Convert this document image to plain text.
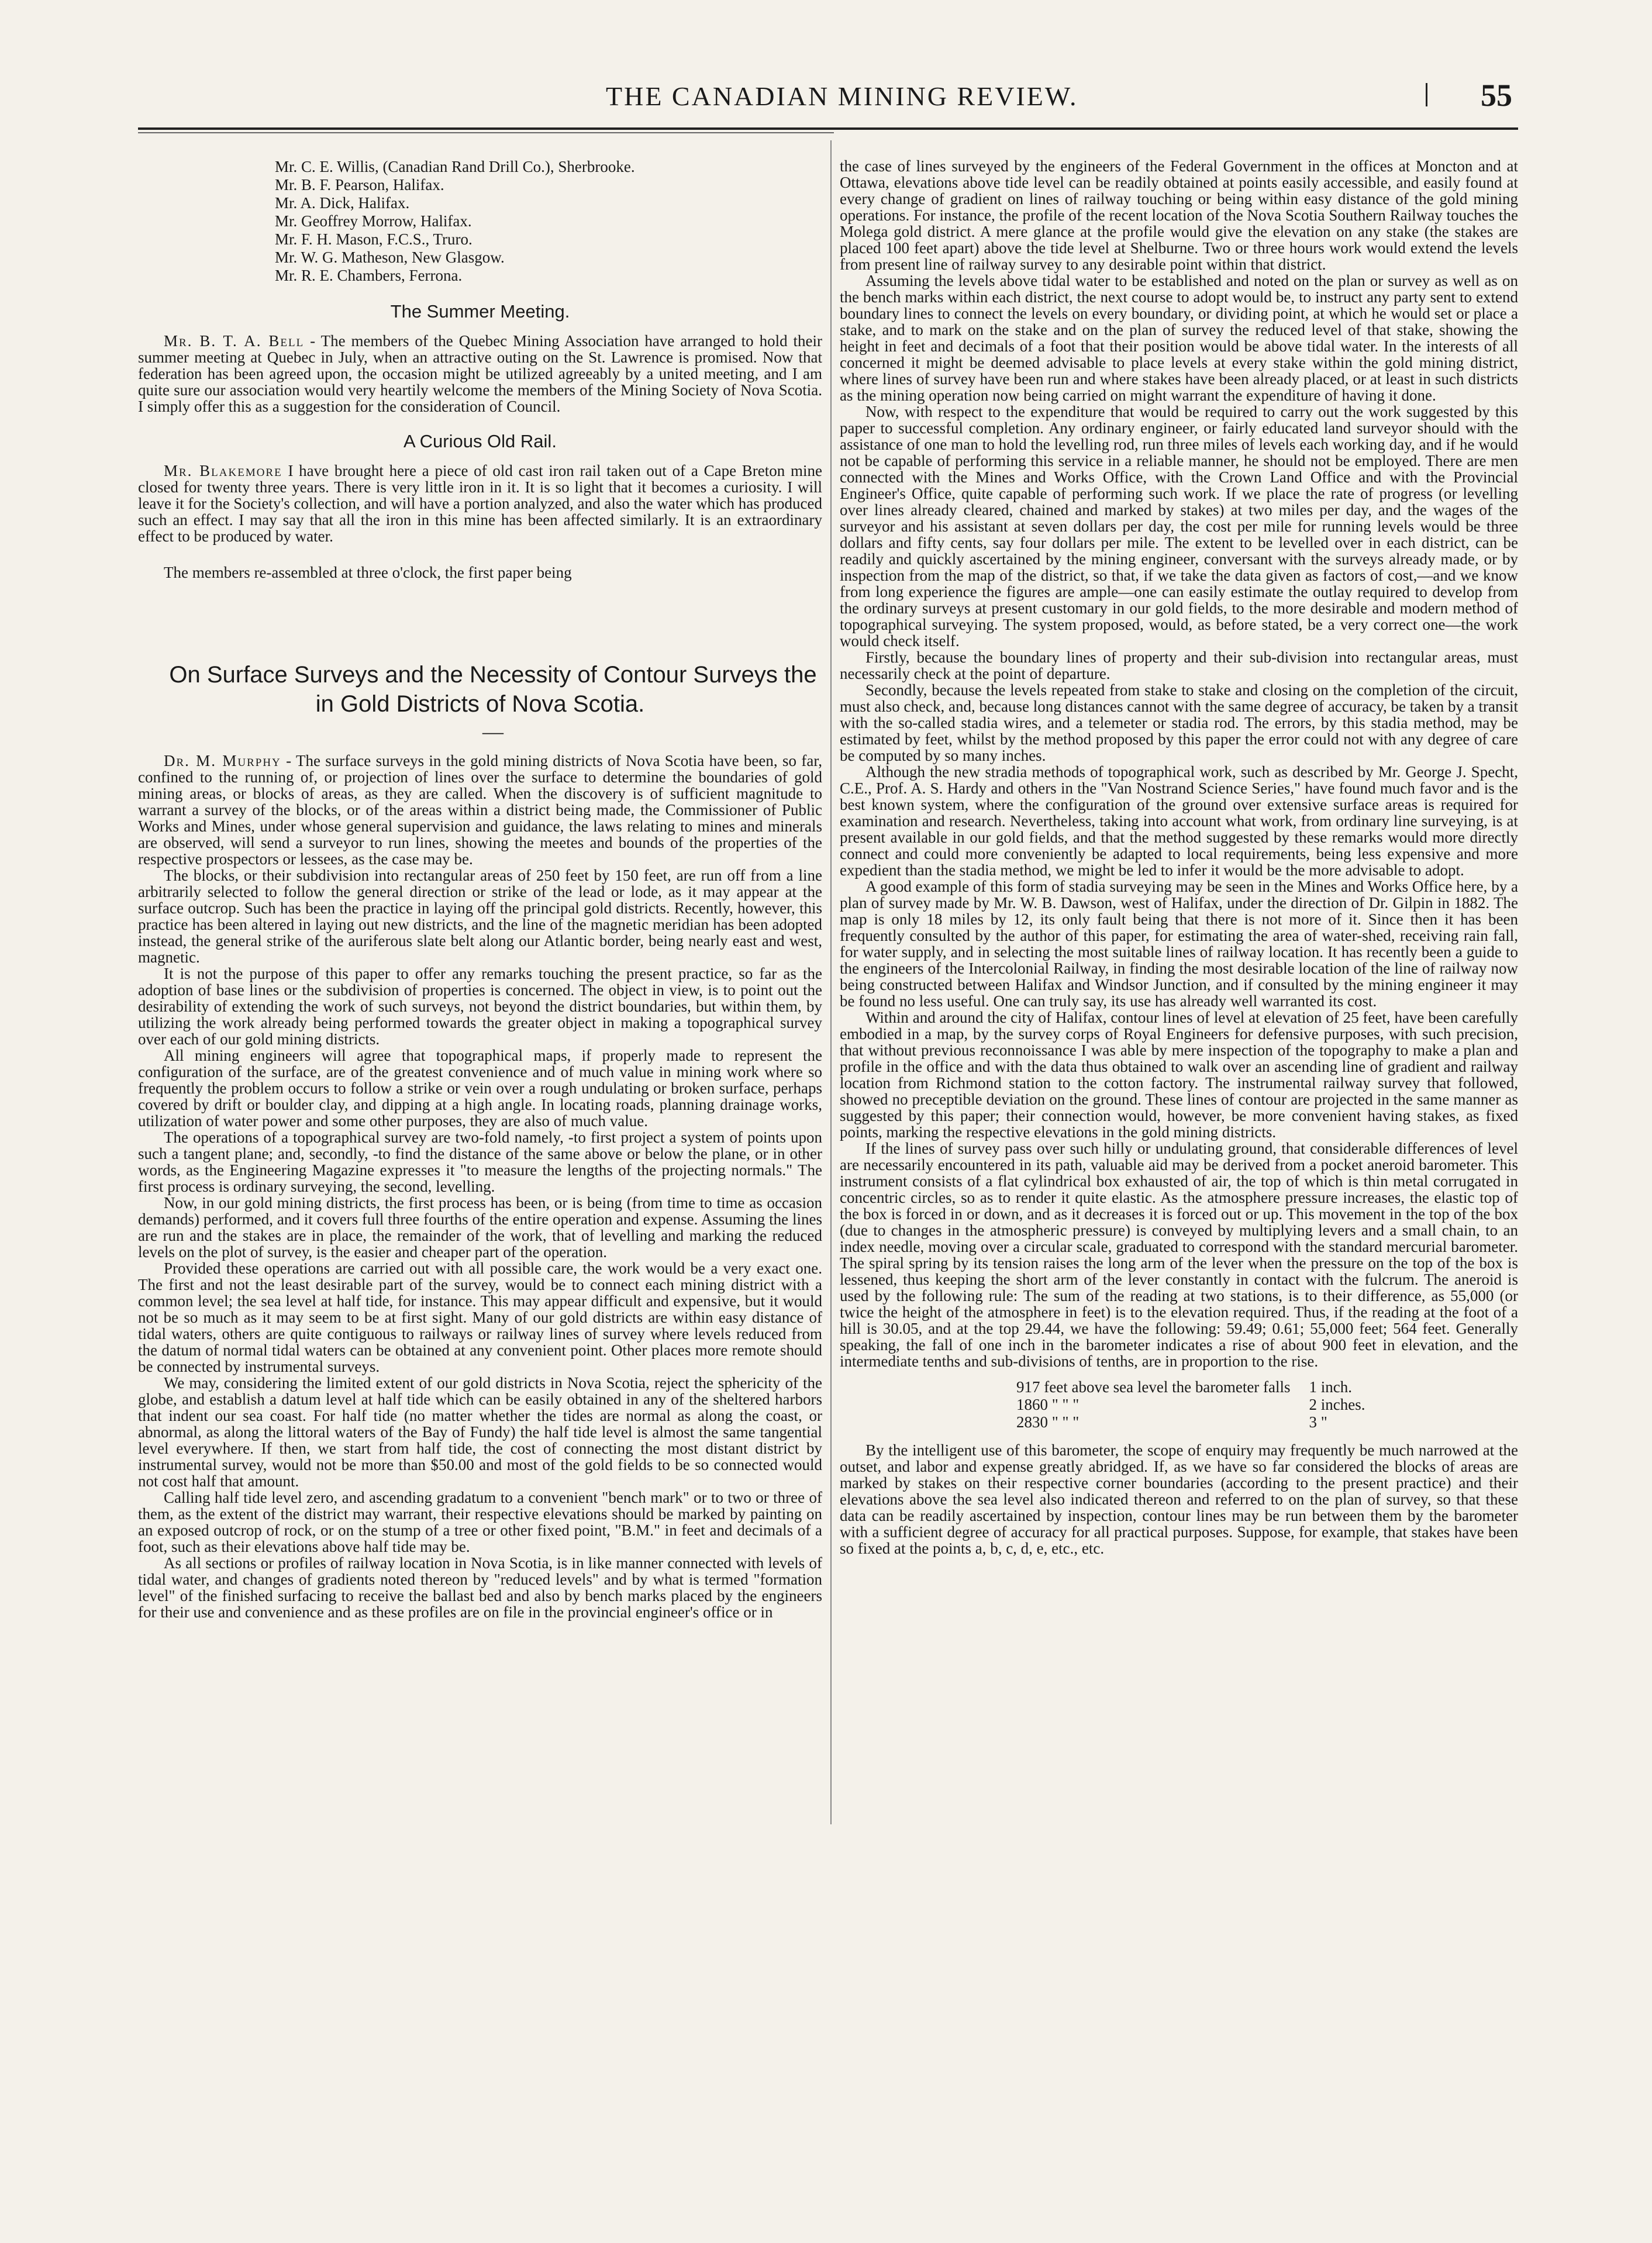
THE CANADIAN MINING REVIEW.	55
Mr. C. E. Willis, (Canadian Rand Drill Co.), Sherbrooke.
Mr. B. F. Pearson, Halifax.
Mr. A. Dick, Halifax.
Mr. Geoffrey Morrow, Halifax.
Mr. F. H. Mason, F.C.S., Truro.
Mr. W. G. Matheson, New Glasgow.
Mr. R. E. Chambers, Ferrona.

The Summer Meeting.

Mr. B. T. A. Bell - The members of the Quebec Mining Association have arranged to hold their summer meeting at Quebec in July, when an attractive outing on the St. Lawrence is promised. Now that federation has been agreed upon, the occasion might be utilized agreeably by a united meeting, and I am quite sure our association would very heartily welcome the members of the Mining Society of Nova Scotia. I simply offer this as a suggestion for the consideration of Council.

A Curious Old Rail.

Mr. Blakemore I have brought here a piece of old cast iron rail taken out of a Cape Breton mine closed for twenty three years. There is very little iron in it. It is so light that it becomes a curiosity. I will leave it for the Society's collection, and will have a portion analyzed, and also the water which has produced such an effect. I may say that all the iron in this mine has been affected similarly. It is an extraordinary effect to be produced by water.

The members re-assembled at three o'clock, the first paper being

On Surface Surveys and the Necessity of Contour Surveys the in Gold Districts of Nova Scotia.

—

Dr. M. Murphy - The surface surveys in the gold mining districts of Nova Scotia have been, so far, confined to the running of, or projection of lines over the surface to determine the boundaries of gold mining areas, or blocks of areas, as they are called. When the discovery is of sufficient magnitude to warrant a survey of the blocks, or of the areas within a district being made, the Commissioner of Public Works and Mines, under whose general supervision and guidance, the laws relating to mines and minerals are observed, will send a surveyor to run lines, showing the meetes and bounds of the properties of the respective prospectors or lessees, as the case may be.

The blocks, or their subdivision into rectangular areas of 250 feet by 150 feet, are run off from a line arbitrarily selected to follow the general direction or strike of the lead or lode, as it may appear at the surface outcrop. Such has been the practice in laying off the principal gold districts. Recently, however, this practice has been altered in laying out new districts, and the line of the magnetic meridian has been adopted instead, the general strike of the auriferous slate belt along our Atlantic border, being nearly east and west, magnetic.

It is not the purpose of this paper to offer any remarks touching the present practice, so far as the adoption of base lines or the subdivision of properties is concerned. The object in view, is to point out the desirability of extending the work of such surveys, not beyond the district boundaries, but within them, by utilizing the work already being performed towards the greater object in making a topographical survey over each of our gold mining districts.

All mining engineers will agree that topographical maps, if properly made to represent the configuration of the surface, are of the greatest convenience and of much value in mining work where so frequently the problem occurs to follow a strike or vein over a rough undulating or broken surface, perhaps covered by drift or boulder clay, and dipping at a high angle. In locating roads, planning drainage works, utilization of water power and some other purposes, they are also of much value.

The operations of a topographical survey are two-fold namely, -to first project a system of points upon such a tangent plane; and, secondly, -to find the distance of the same above or below the plane, or in other words, as the Engineering Magazine expresses it "to measure the lengths of the projecting normals." The first process is ordinary surveying, the second, levelling.

Now, in our gold mining districts, the first process has been, or is being (from time to time as occasion demands) performed, and it covers full three fourths of the entire operation and expense. Assuming the lines are run and the stakes are in place, the remainder of the work, that of levelling and marking the reduced levels on the plot of survey, is the easier and cheaper part of the operation.

Provided these operations are carried out with all possible care, the work would be a very exact one. The first and not the least desirable part of the survey, would be to connect each mining district with a common level; the sea level at half tide, for instance. This may appear difficult and expensive, but it would not be so much as it may seem to be at first sight. Many of our gold districts are within easy distance of tidal waters, others are quite contiguous to railways or railway lines of survey where levels reduced from the datum of normal tidal waters can be obtained at any convenient point. Other places more remote should be connected by instrumental surveys.

We may, considering the limited extent of our gold districts in Nova Scotia, reject the sphericity of the globe, and establish a datum level at half tide which can be easily obtained in any of the sheltered harbors that indent our sea coast. For half tide (no matter whether the tides are normal as along the coast, or abnormal, as along the littoral waters of the Bay of Fundy) the half tide level is almost the same tangential level everywhere. If then, we start from half tide, the cost of connecting the most distant district by instrumental survey, would not be more than $50.00 and most of the gold fields to be so connected would not cost half that amount.

Calling half tide level zero, and ascending gradatum to a convenient "bench mark" or to two or three of them, as the extent of the district may warrant, their respective elevations should be marked by painting on an exposed outcrop of rock, or on the stump of a tree or other fixed point, "B.M." in feet and decimals of a foot, such as their elevations above half tide may be.

As all sections or profiles of railway location in Nova Scotia, is in like manner connected with levels of tidal water, and changes of gradients noted thereon by "reduced levels" and by what is termed "formation level" of the finished surfacing to receive the ballast bed and also by bench marks placed by the engineers for their use and convenience and as these profiles are on file in the provincial engineer's office or in

the case of lines surveyed by the engineers of the Federal Government in the offices at Moncton and at Ottawa, elevations above tide level can be readily obtained at points easily accessible, and easily found at every change of gradient on lines of railway touching or being within easy distance of the gold mining operations. For instance, the profile of the recent location of the Nova Scotia Southern Railway touches the Molega gold district. A mere glance at the profile would give the elevation on any stake (the stakes are placed 100 feet apart) above the tide level at Shelburne. Two or three hours work would extend the levels from present line of railway survey to any desirable point within that district.

Assuming the levels above tidal water to be established and noted on the plan or survey as well as on the bench marks within each district, the next course to adopt would be, to instruct any party sent to extend boundary lines to connect the levels on every boundary, or dividing point, at which he would set or place a stake, and to mark on the stake and on the plan of survey the reduced level of that stake, showing the height in feet and decimals of a foot that their position would be above tidal water. In the interests of all concerned it might be deemed advisable to place levels at every stake within the gold mining district, where lines of survey have been run and where stakes have been already placed, or at least in such districts as the mining operation now being carried on might warrant the expenditure of having it done.

Now, with respect to the expenditure that would be required to carry out the work suggested by this paper to successful completion. Any ordinary engineer, or fairly educated land surveyor should with the assistance of one man to hold the levelling rod, run three miles of levels each working day, and if he would not be capable of performing this service in a reliable manner, he should not be employed. There are men connected with the Mines and Works Office, with the Crown Land Office and with the Provincial Engineer's Office, quite capable of performing such work. If we place the rate of progress (or levelling over lines already cleared, chained and marked by stakes) at two miles per day, and the wages of the surveyor and his assistant at seven dollars per day, the cost per mile for running levels would be three dollars and fifty cents, say four dollars per mile. The extent to be levelled over in each district, can be readily and quickly ascertained by the mining engineer, conversant with the surveys already made, or by inspection from the map of the district, so that, if we take the data given as factors of cost,—and we know from long experience the figures are ample—one can easily estimate the outlay required to develop from the ordinary surveys at present customary in our gold fields, to the more desirable and modern method of topographical surveying. The system proposed, would, as before stated, be a very correct one—the work would check itself.

Firstly, because the boundary lines of property and their sub-division into rectangular areas, must necessarily check at the point of departure.

Secondly, because the levels repeated from stake to stake and closing on the completion of the circuit, must also check, and, because long distances cannot with the same degree of accuracy, be taken by a transit with the so-called stadia wires, and a telemeter or stadia rod. The errors, by this stadia method, may be estimated by feet, whilst by the method proposed by this paper the error could not with any degree of care be computed by so many inches.

Although the new stradia methods of topographical work, such as described by Mr. George J. Specht, C.E., Prof. A. S. Hardy and others in the "Van Nostrand Science Series," have found much favor and is the best known system, where the configuration of the ground over extensive surface areas is required for examination and research. Nevertheless, taking into account what work, from ordinary line surveying, is at present available in our gold fields, and that the method suggested by these remarks would more directly connect and could more conveniently be adapted to local requirements, being less expensive and more expedient than the stadia method, we might be led to infer it would be the more advisable to adopt.

A good example of this form of stadia surveying may be seen in the Mines and Works Office here, by a plan of survey made by Mr. W. B. Dawson, west of Halifax, under the direction of Dr. Gilpin in 1882. The map is only 18 miles by 12, its only fault being that there is not more of it. Since then it has been frequently consulted by the author of this paper, for estimating the area of water-shed, receiving rain fall, for water supply, and in selecting the most suitable lines of railway location. It has recently been a guide to the engineers of the Intercolonial Railway, in finding the most desirable location of the line of railway now being constructed between Halifax and Windsor Junction, and if consulted by the mining engineer it may be found no less useful. One can truly say, its use has already well warranted its cost.

Within and around the city of Halifax, contour lines of level at elevation of 25 feet, have been carefully embodied in a map, by the survey corps of Royal Engineers for defensive purposes, with such precision, that without previous reconnoissance I was able by mere inspection of the topography to make a plan and profile in the office and with the data thus obtained to walk over an ascending line of gradient and railway location from Richmond station to the cotton factory. The instrumental railway survey that followed, showed no preceptible deviation on the ground. These lines of contour are projected in the same manner as suggested by this paper; their connection would, however, be more convenient having stakes, as fixed points, marking the respective elevations in the gold mining districts.

If the lines of survey pass over such hilly or undulating ground, that considerable differences of level are necessarily encountered in its path, valuable aid may be derived from a pocket aneroid barometer. This instrument consists of a flat cylindrical box exhausted of air, the top of which is thin metal corrugated in concentric circles, so as to render it quite elastic. As the atmosphere pressure increases, the elastic top of the box is forced in or down, and as it decreases it is forced out or up. This movement in the top of the box (due to changes in the atmospheric pressure) is conveyed by multiplying levers and a small chain, to an index needle, moving over a circular scale, graduated to correspond with the standard mercurial barometer. The spiral spring by its tension raises the long arm of the lever when the pressure on the top of the box is lessened, thus keeping the short arm of the lever constantly in contact with the fulcrum. The aneroid is used by the following rule: The sum of the reading at two stations, is to their difference, as 55,000 (or twice the height of the atmosphere in feet) is to the elevation required. Thus, if the reading at the foot of a hill is 30.05, and at the top 29.44, we have the following: 59.49; 0.61; 55,000 feet; 564 feet. Generally speaking, the fall of one inch in the barometer indicates a rise of about 900 feet in elevation, and the intermediate tenths and sub-divisions of tenths, are in proportion to the rise.

917 feet above sea level the barometer falls	1 inch.
1860 " " "	2 inches.
2830 " " "	3 "

By the intelligent use of this barometer, the scope of enquiry may frequently be much narrowed at the outset, and labor and expense greatly abridged. If, as we have so far considered the blocks of areas are marked by stakes on their respective corner boundaries (according to the present practice) and their elevations above the sea level also indicated thereon and referred to on the plan of survey, so that these data can be readily ascertained by inspection, contour lines may be run between them by the barometer with a sufficient degree of accuracy for all practical purposes. Suppose, for example, that stakes have been so fixed at the points a, b, c, d, e, etc., etc.
